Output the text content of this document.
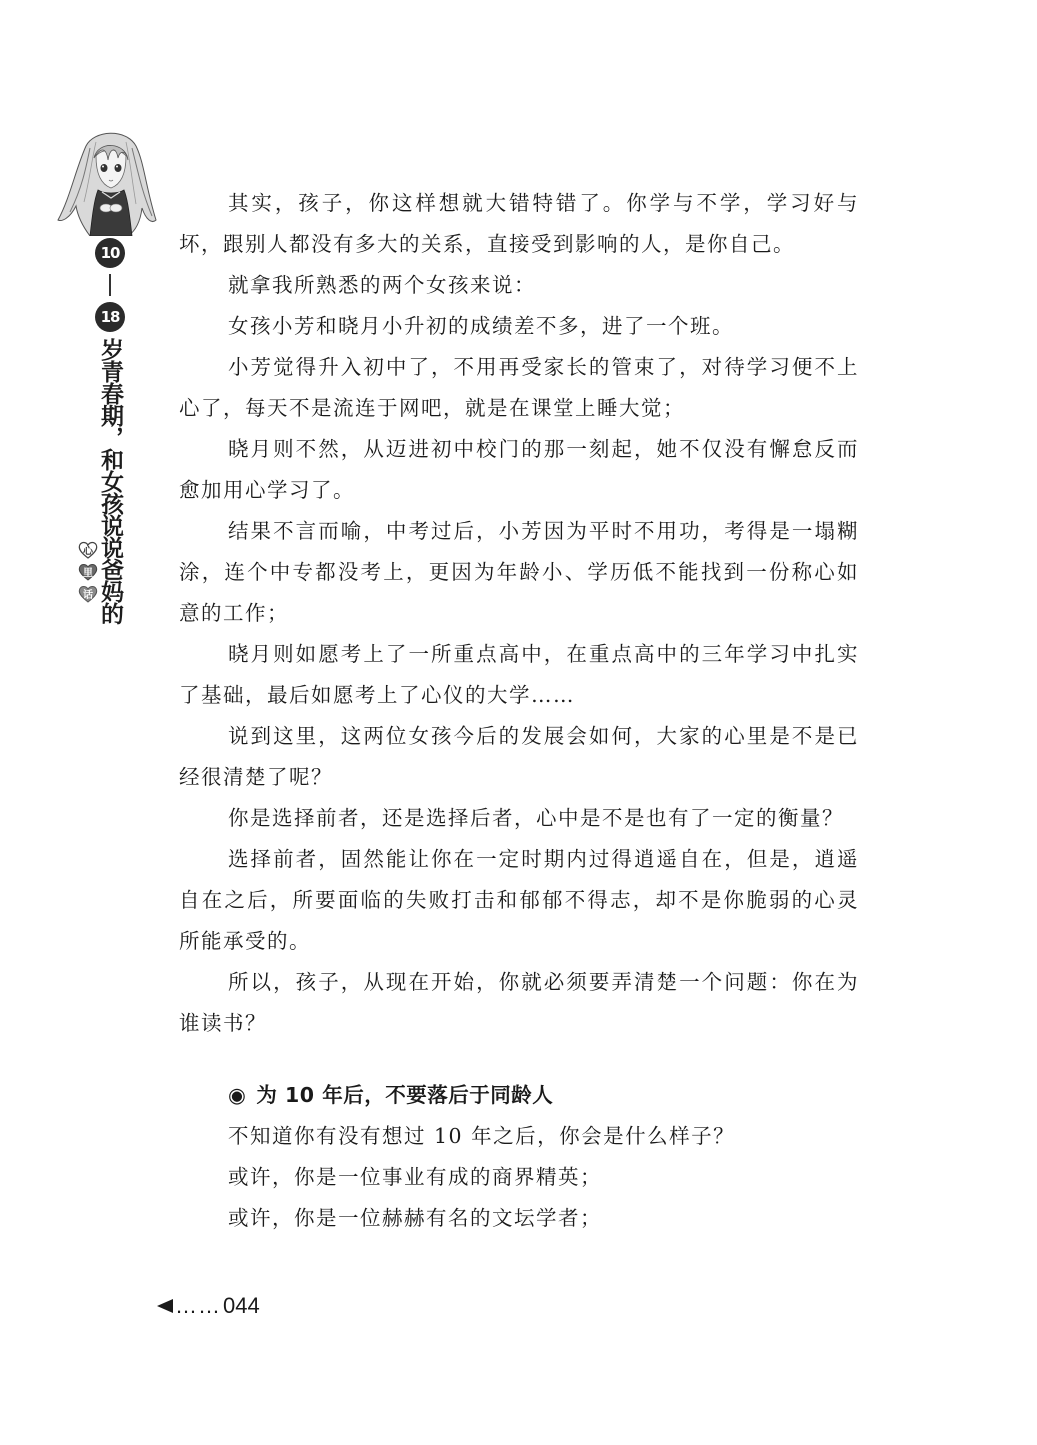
10
18
岁青春期，和女孩说说爸妈的
心
里
话

其实，孩子，你这样想就大错特错了。你学与不学，学习好与坏，跟别人都没有多大的关系，直接受到影响的人，是你自己。

就拿我所熟悉的两个女孩来说：

女孩小芳和晓月小升初的成绩差不多，进了一个班。

小芳觉得升入初中了，不用再受家长的管束了，对待学习便不上心了，每天不是流连于网吧，就是在课堂上睡大觉；

晓月则不然，从迈进初中校门的那一刻起，她不仅没有懈怠反而愈加用心学习了。

结果不言而喻，中考过后，小芳因为平时不用功，考得是一塌糊涂，连个中专都没考上，更因为年龄小、学历低不能找到一份称心如意的工作；

晓月则如愿考上了一所重点高中，在重点高中的三年学习中扎实了基础，最后如愿考上了心仪的大学……

说到这里，这两位女孩今后的发展会如何，大家的心里是不是已经很清楚了呢？

你是选择前者，还是选择后者，心中是不是也有了一定的衡量？

选择前者，固然能让你在一定时期内过得逍遥自在，但是，逍遥自在之后，所要面临的失败打击和郁郁不得志，却不是你脆弱的心灵所能承受的。

所以，孩子，从现在开始，你就必须要弄清楚一个问题：你在为谁读书？

◉ 为 10 年后，不要落后于同龄人

不知道你有没有想过 10 年之后，你会是什么样子？

或许，你是一位事业有成的商界精英；

或许，你是一位赫赫有名的文坛学者；

…… 044
